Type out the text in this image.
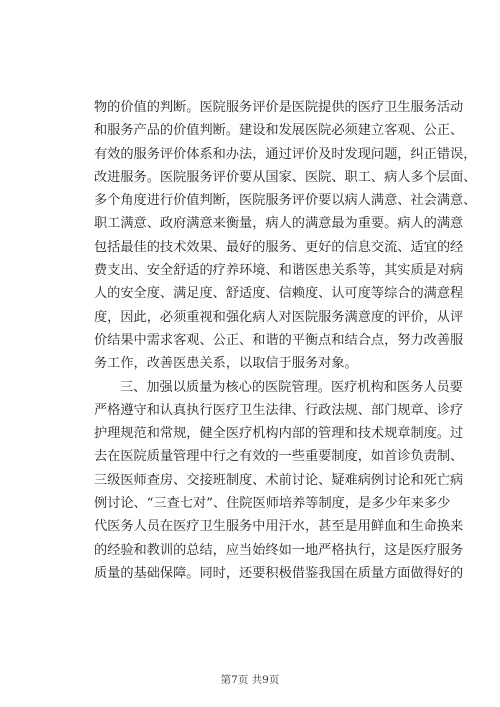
物的价值的判断。医院服务评价是医院提供的医疗卫生服务活动
和服务产品的价值判断。建设和发展医院必须建立客观、公正、
有效的服务评价体系和办法，通过评价及时发现问题，纠正错误，
改进服务。医院服务评价要从国家、医院、职工、病人多个层面、
多个角度进行价值判断，医院服务评价要以病人满意、社会满意、
职工满意、政府满意来衡量，病人的满意最为重要。病人的满意
包括最佳的技术效果、最好的服务、更好的信息交流、适宜的经
费支出、安全舒适的疗养环境、和谐医患关系等，其实质是对病
人的安全度、满足度、舒适度、信赖度、认可度等综合的满意程
度，因此，必须重视和强化病人对医院服务满意度的评价，从评
价结果中需求客观、公正、和谐的平衡点和结合点，努力改善服
务工作，改善医患关系，以取信于服务对象。
三、加强以质量为核心的医院管理。医疗机构和医务人员要
严格遵守和认真执行医疗卫生法律、行政法规、部门规章、诊疗
护理规范和常规，健全医疗机构内部的管理和技术规章制度。过
去在医院质量管理中行之有效的一些重要制度，如首诊负责制、
三级医师查房、交接班制度、术前讨论、疑难病例讨论和死亡病
例讨论、“三查七对”、住院医师培养等制度，是多少年来多少
代医务人员在医疗卫生服务中用汗水，甚至是用鲜血和生命换来
的经验和教训的总结，应当始终如一地严格执行，这是医疗服务
质量的基础保障。同时，还要积极借鉴我国在质量方面做得好的
第7页 共9页
